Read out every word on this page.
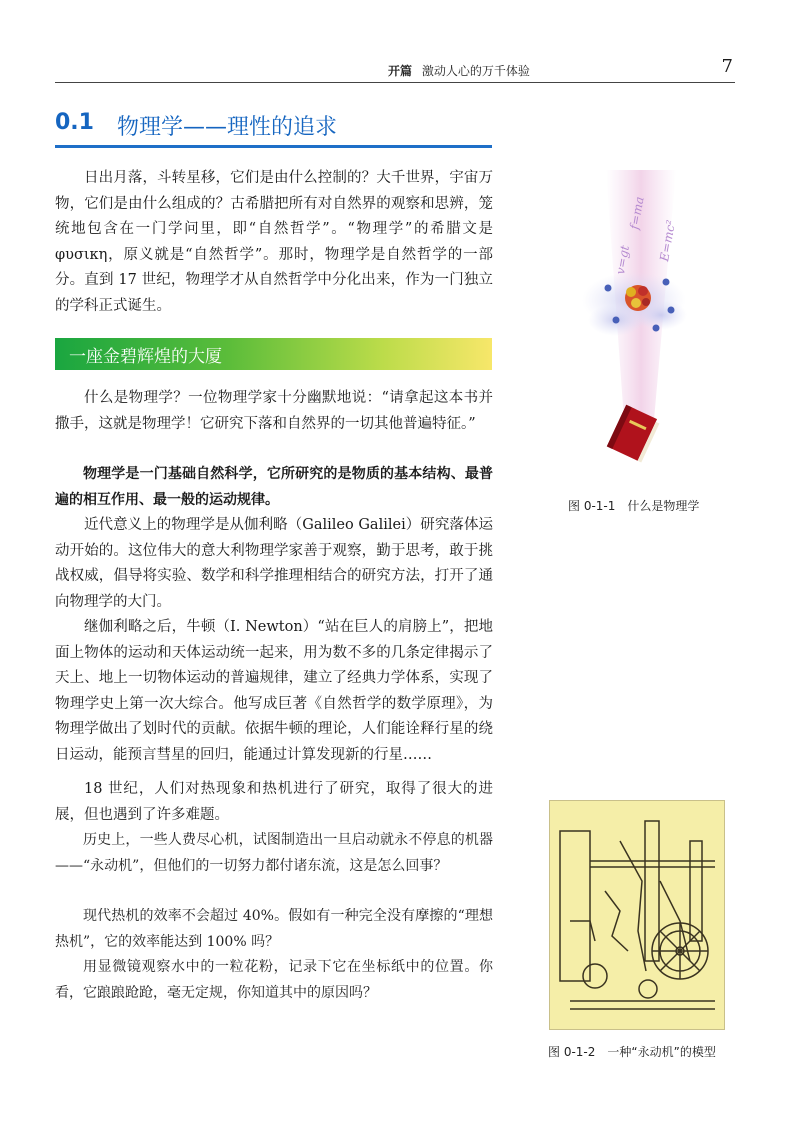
开篇 激动人心的万千体验	7
0.1 物理学——理性的追求

日出月落，斗转星移，它们是由什么控制的？大千世界，宇宙万物，它们是由什么组成的？古希腊把所有对自然界的观察和思辨，笼统地包含在一门学问里，即“自然哲学”。“物理学”的希腊文是 φυσικη，原义就是“自然哲学”。那时，物理学是自然哲学的一部分。直到 17 世纪，物理学才从自然哲学中分化出来，作为一门独立的学科正式诞生。

一座金碧辉煌的大厦

什么是物理学？一位物理学家十分幽默地说：“请拿起这本书并撒手，这就是物理学！它研究下落和自然界的一切其他普遍特征。”

物理学是一门基础自然科学，它所研究的是物质的基本结构、最普遍的相互作用、最一般的运动规律。

近代意义上的物理学是从伽利略（Galileo Galilei）研究落体运动开始的。这位伟大的意大利物理学家善于观察，勤于思考，敢于挑战权威，倡导将实验、数学和科学推理相结合的研究方法，打开了通向物理学的大门。

继伽利略之后，牛顿（I. Newton）“站在巨人的肩膀上”，把地面上物体的运动和天体运动统一起来，用为数不多的几条定律揭示了天上、地上一切物体运动的普遍规律，建立了经典力学体系，实现了物理学史上第一次大综合。他写成巨著《自然哲学的数学原理》，为物理学做出了划时代的贡献。依据牛顿的理论，人们能诠释行星的绕日运动，能预言彗星的回归，能通过计算发现新的行星……

18 世纪，人们对热现象和热机进行了研究，取得了很大的进展，但也遇到了许多难题。

历史上，一些人费尽心机，试图制造出一旦启动就永不停息的机器——“永动机”，但他们的一切努力都付诸东流，这是怎么回事？

现代热机的效率不会超过 40%。假如有一种完全没有摩擦的“理想热机”，它的效率能达到 100% 吗？

用显微镜观察水中的一粒花粉，记录下它在坐标纸中的位置。你看，它踉踉跄跄，毫无定规，你知道其中的原因吗？

v=gt E=mc²
f=ma
图 0-1-1　什么是物理学
图 0-1-2　一种“永动机”的模型
